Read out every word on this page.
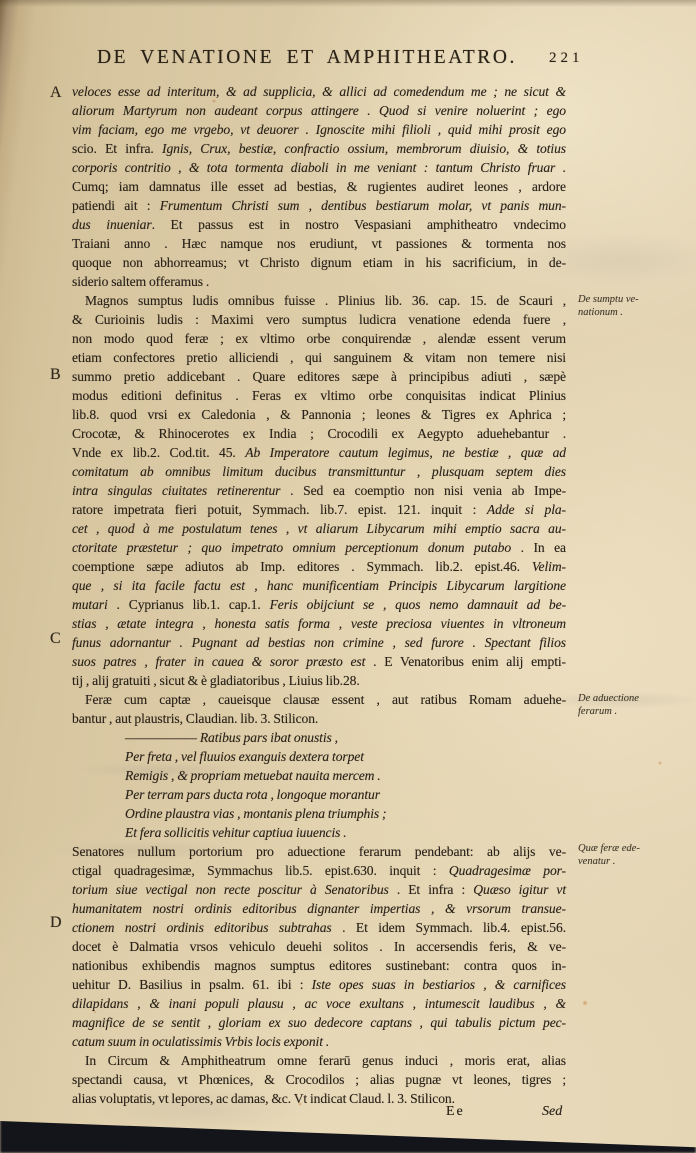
DE VENATIONE ET AMPHITHEATRO.	221
A
B
C
D
De sumptu ve-
nationum .
De aduectione
ferarum .
Quæ feræ ede-
venatur .
veloces esse ad interitum, & ad supplicia, & allici ad comedendum me ; ne sicut &
aliorum Martyrum non audeant corpus attingere . Quod si venire noluerint ; ego
vim faciam, ego me vrgebo, vt deuorer . Ignoscite mihi filioli , quid mihi prosit ego
scio. Et infra. Ignis, Crux, bestiæ, confractio ossium, membrorum diuisio, & totius
corporis contritio , & tota tormenta diaboli in me veniant : tantum Christo fruar .
Cumq; iam damnatus ille esset ad bestias, & rugientes audiret leones , ardore
patiendi ait : Frumentum Christi sum , dentibus bestiarum molar, vt panis mun-
dus inueniar. Et passus est in nostro Vespasiani amphitheatro vndecimo
Traiani anno . Hæc namque nos erudiunt, vt passiones & tormenta nos
quoque non abhorreamus; vt Christo dignum etiam in his sacrificium, in de-
siderio saltem offeramus .
Magnos sumptus ludis omnibus fuisse . Plinius lib. 36. cap. 15. de Scauri ,
& Curioinis ludis : Maximi vero sumptus ludicra venatione edenda fuere ,
non modo quod feræ ; ex vltimo orbe conquirendæ , alendæ essent verum
etiam confectores pretio alliciendi , qui sanguinem & vitam non temere nisi
summo pretio addicebant . Quare editores sæpe à principibus adiuti , sæpè
modus editioni definitus . Feras ex vltimo orbe conquisitas indicat Plinius
lib.8. quod vrsi ex Caledonia , & Pannonia ; leones & Tigres ex Aphrica ;
Crocotæ, & Rhinocerotes ex India ; Crocodili ex Aegypto aduehebantur .
Vnde ex lib.2. Cod.tit. 45. Ab Imperatore cautum legimus, ne bestiæ , quæ ad
comitatum ab omnibus limitum ducibus transmittuntur , plusquam septem dies
intra singulas ciuitates retinerentur . Sed ea coemptio non nisi venia ab Impe-
ratore impetrata fieri potuit, Symmach. lib.7. epist. 121. inquit : Adde si pla-
cet , quod à me postulatum tenes , vt aliarum Libycarum mihi emptio sacra au-
ctoritate præstetur ; quo impetrato omnium perceptionum donum putabo . In ea
coemptione sæpe adiutos ab Imp. editores . Symmach. lib.2. epist.46. Velim-
que , si ita facile factu est , hanc munificentiam Principis Libycarum largitione
mutari . Cyprianus lib.1. cap.1. Feris obijciunt se , quos nemo damnauit ad be-
stias , ætate integra , honesta satis forma , veste preciosa viuentes in vltroneum
funus adornantur . Pugnant ad bestias non crimine , sed furore . Spectant filios
suos patres , frater in cauea & soror præsto est . E Venatoribus enim alij empti-
tij , alij gratuiti , sicut & è gladiatoribus , Liuius lib.28.
Feræ cum captæ , caueisque clausæ essent , aut ratibus Romam aduehe-
bantur , aut plaustris, Claudian. lib. 3. Stilicon.
—————— Ratibus pars ibat onustis ,
Per freta , vel fluuios exanguis dextera torpet
Remigis , & propriam metuebat nauita mercem .
Per terram pars ducta rota , longoque morantur
Ordine plaustra vias , montanis plena triumphis ;
Et fera sollicitis vehitur captiua iuuencis .
Senatores nullum portorium pro aduectione ferarum pendebant: ab alijs ve-
ctigal quadragesimæ, Symmachus lib.5. epist.630. inquit : Quadragesimæ por-
torium siue vectigal non recte poscitur à Senatoribus . Et infra : Quæso igitur vt
humanitatem nostri ordinis editoribus dignanter impertias , & vrsorum transue-
ctionem nostri ordinis editoribus subtrahas . Et idem Symmach. lib.4. epist.56.
docet è Dalmatia vrsos vehiculo deuehi solitos . In accersendis feris, & ve-
nationibus exhibendis magnos sumptus editores sustinebant: contra quos in-
uehitur D. Basilius in psalm. 61. ibi : Iste opes suas in bestiarios , & carnifices
dilapidans , & inani populi plausu , ac voce exultans , intumescit laudibus , &
magnifice de se sentit , gloriam ex suo dedecore captans , qui tabulis pictum pec-
catum suum in oculatissimis Vrbis locis exponit .
In Circum & Amphitheatrum omne ferarū genus induci , moris erat, alias
spectandi causa, vt Phœnices, & Crocodilos ; alias pugnæ vt leones, tigres ;
alias voluptatis, vt lepores, ac damas, &c. Vt indicat Claud. l. 3. Stilicon.
Ee	Sed
